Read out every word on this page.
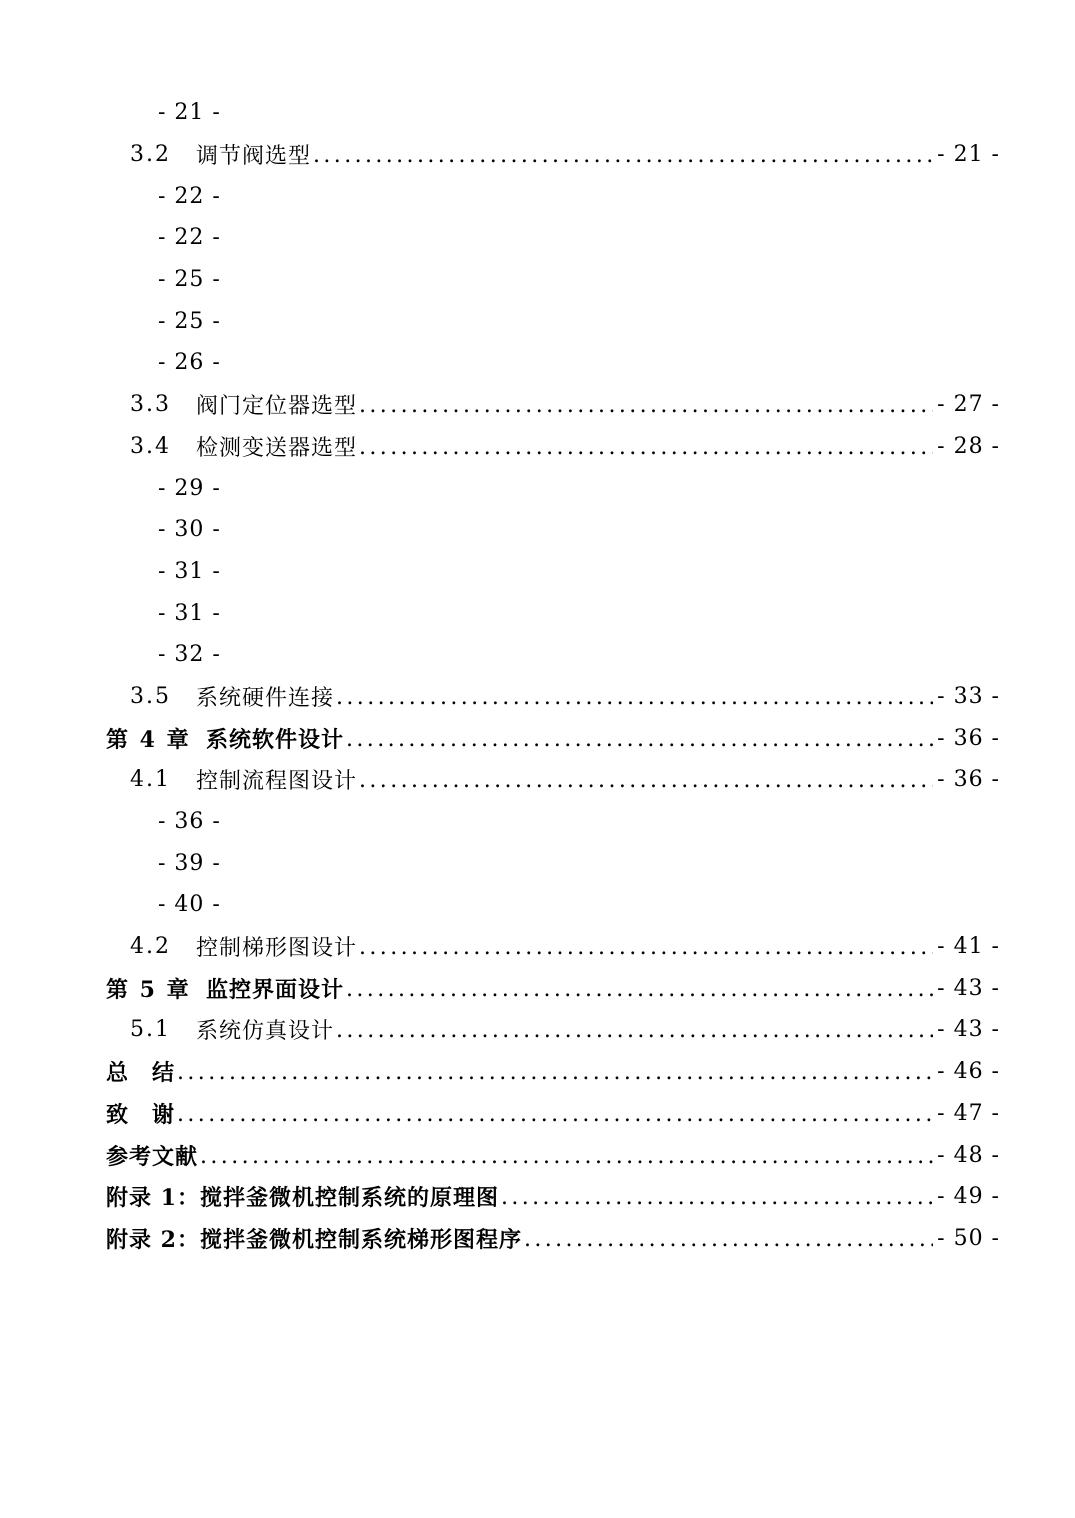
- 21 -
3.2	调节阀选型 .....	- 21 -
- 22 -
- 22 -
- 25 -
- 25 -
- 26 -
3.3	阀门定位器选型 .....	- 27 -
3.4	检测变送器选型 .....	- 28 -
- 29 -
- 30 -
- 31 -
- 31 -
- 32 -
3.5	系统硬件连接 .....	- 33 -
第 4 章 系统软件设计 .....	- 36 -
4.1	控制流程图设计 .....	- 36 -
- 36 -
- 39 -
- 40 -
4.2	控制梯形图设计 .....	- 41 -
第 5 章 监控界面设计 .....	- 43 -
5.1	系统仿真设计 .....	- 43 -
总　结 .....	- 46 -
致　谢 .....	- 47 -
参考文献 .....	- 48 -
附录 1：搅拌釜微机控制系统的原理图 .....	- 49 -
附录 2：搅拌釜微机控制系统梯形图程序 .....	- 50 -
